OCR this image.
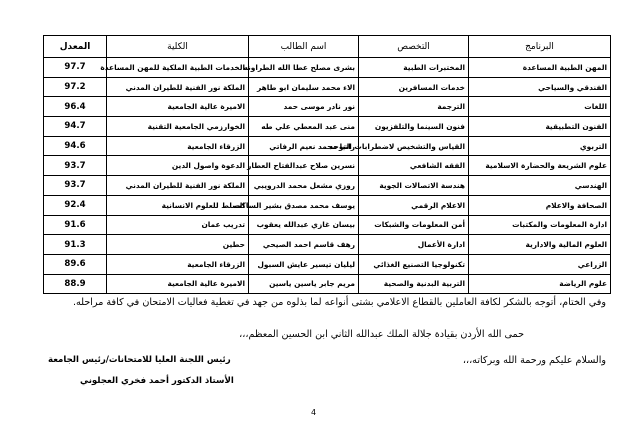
البرنامج	التخصص	اسم الطالب	الكلية	المعدل
المهن الطبية المساعدة	المختبرات الطبية	بشرى مصلح عطا الله الطراونه	الخدمات الطبية الملكية للمهن المساعدة	97.7
الفندقي والسياحي	خدمات المسافرين	الاء محمد سليمان ابو طاهر	الملكة نور الفنية للطيران المدني	97.2
اللغات	الترجمة	نور نادر موسى حمد	الاميرة عالية الجامعية	96.4
الفنون التطبيقية	فنون السينما والتلفزيون	منى عبد المعطي علي طه	الخوارزمي الجامعية التقنية	94.7
التربوي	القياس والتشخيص لاضطرابات التوحد	رانيا محمد نعيم الرفاتي	الزرقاء الجامعية	94.6
علوم الشريعة والحضارة الاسلامية	الفقه الشافعي	نسرين صلاح عبدالفتاح العطار	الدعوة واصول الدين	93.7
الهندسي	هندسة الاتصالات الجوية	روزي مشعل محمد الدرويبي	الملكة نور الفنية للطيران المدني	93.7
الصحافة والاعلام	الاعلام الرقمي	يوسف محمد مصدق بشير الساكت	السلط للعلوم الانسانية	92.4
ادارة المعلومات والمكتبات	أمن المعلومات والشبكات	بيسان غازي عبدالله يعقوب	تدريب عمان	91.6
العلوم المالية والادارية	ادارة الأعمال	رهف قاسم احمد الصيحي	حطين	91.3
الزراعي	تكنولوجيا التصنيع الغذائي	ليليان تيسير عايش السبول	الزرقاء الجامعية	89.6
علوم الرياضة	التربية البدنية والصحية	مريم جابر ياسين ياسين	الاميرة عالية الجامعية	88.9
وفي الختام، أتوجه بالشكر لكافة العاملين بالقطاع الاعلامي بشتى أنواعه لما بذلوه من جهد في تغطية فعاليات الامتحان في كافة مراحله.
حمى الله الأردن بقيادة جلالة الملك عبدالله الثاني ابن الحسين المعظم،،،
والسلام عليكم ورحمة الله وبركاته،،،
رئيس اللجنة العليا للامتحانات/رئيس الجامعة
الأستاذ الدكتور أحمد فخري العجلوني
4
